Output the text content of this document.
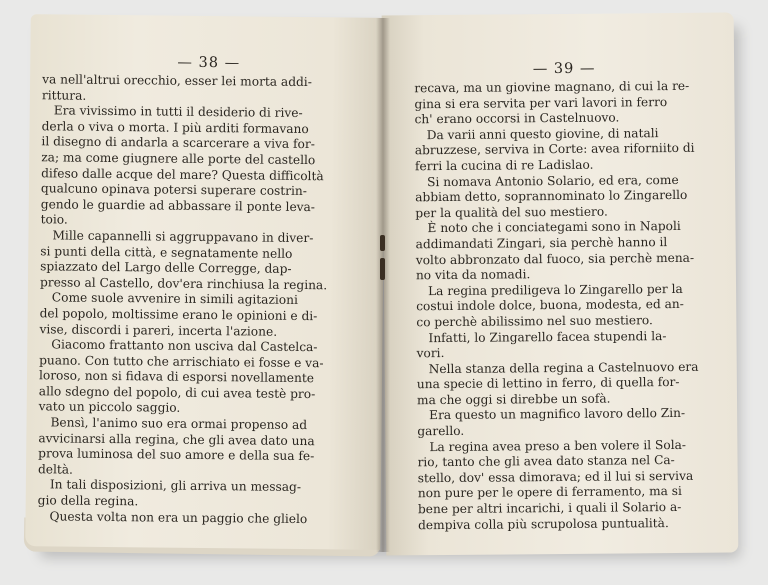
— 38 —
va nell'altrui orecchio, esser lei morta addi-
rittura.
Era vivissimo in tutti il desiderio di rive-
derla o viva o morta. I più arditi formavano
il disegno di andarla a scarcerare a viva for-
za; ma come giugnere alle porte del castello
difeso dalle acque del mare? Questa difficoltà
qualcuno opinava potersi superare costrin-
gendo le guardie ad abbassare il ponte leva-
toio.
Mille capannelli si aggruppavano in diver-
si punti della città, e segnatamente nello
spiazzato del Largo delle Corregge, dap-
presso al Castello, dov'era rinchiusa la regina.
Come suole avvenire in simili agitazioni
del popolo, moltissime erano le opinioni e di-
vise, discordi i pareri, incerta l'azione.
Giacomo frattanto non usciva dal Castelca-
puano. Con tutto che arrischiato ei fosse e va-
loroso, non si fidava di esporsi novellamente
allo sdegno del popolo, di cui avea testè pro-
vato un piccolo saggio.
Bensì, l'animo suo era ormai propenso ad
avvicinarsi alla regina, che gli avea dato una
prova luminosa del suo amore e della sua fe-
deltà.
In tali disposizioni, gli arriva un messag-
gio della regina.
Questa volta non era un paggio che glielo
— 39 —
recava, ma un giovine magnano, di cui la re-
gina si era servita per vari lavori in ferro
ch' erano occorsi in Castelnuovo.
Da varii anni questo giovine, di natali
abruzzese, serviva in Corte: avea riforniito di
ferri la cucina di re Ladislao.
Si nomava Antonio Solario, ed era, come
abbiam detto, soprannominato lo Zingarello
per la qualità del suo mestiero.
È noto che i conciategami sono in Napoli
addimandati Zingari, sia perchè hanno il
volto abbronzato dal fuoco, sia perchè mena-
no vita da nomadi.
La regina prediligeva lo Zingarello per la
costui indole dolce, buona, modesta, ed an-
co perchè abilissimo nel suo mestiero.
Infatti, lo Zingarello facea stupendi la-
vori.
Nella stanza della regina a Castelnuovo era
una specie di lettino in ferro, di quella for-
ma che oggi si direbbe un sofà.
Era questo un magnifico lavoro dello Zin-
garello.
La regina avea preso a ben volere il Sola-
rio, tanto che gli avea dato stanza nel Ca-
stello, dov' essa dimorava; ed il lui si serviva
non pure per le opere di ferramento, ma si
bene per altri incarichi, i quali il Solario a-
dempiva colla più scrupolosa puntualità.
